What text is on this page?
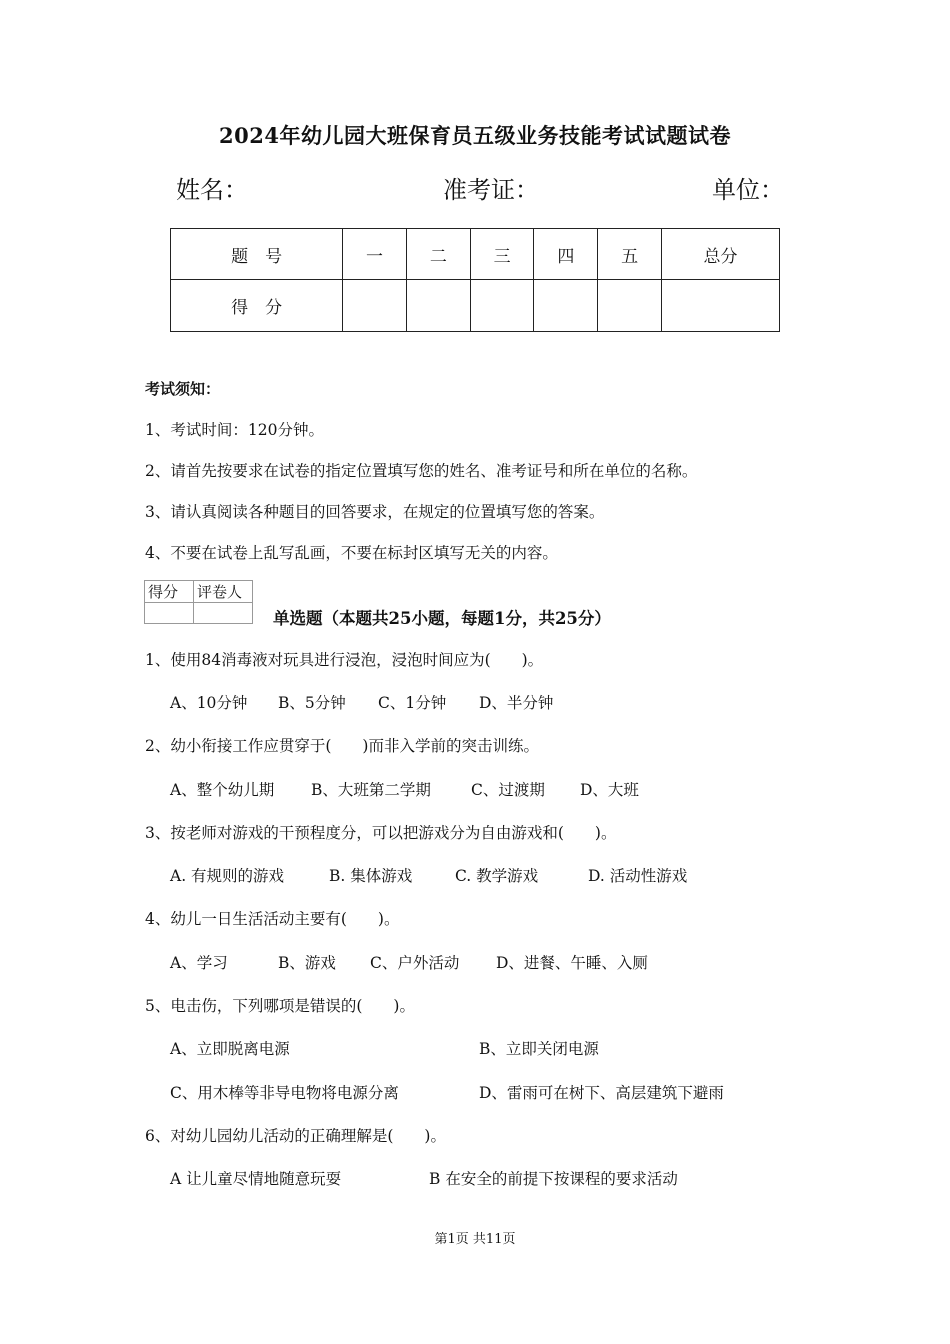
2024年幼儿园大班保育员五级业务技能考试试题试卷
姓名：	准考证：	单位：
题　号	一	二	三	四	五	总分
得　分						
考试须知：
1、考试时间：120分钟。
2、请首先按要求在试卷的指定位置填写您的姓名、准考证号和所在单位的名称。
3、请认真阅读各种题目的回答要求，在规定的位置填写您的答案。
4、不要在试卷上乱写乱画，不要在标封区填写无关的内容。
得分	评卷人

单选题（本题共25小题，每题1分，共25分）
1、使用84消毒液对玩具进行浸泡，浸泡时间应为(　　)。
A、10分钟 B、5分钟 C、1分钟 D、半分钟
2、幼小衔接工作应贯穿于(　　)而非入学前的突击训练。
A、整个幼儿期 B、大班第二学期	C、过渡期 D、大班
3、按老师对游戏的干预程度分，可以把游戏分为自由游戏和(　　)。
A. 有规则的游戏	B. 集体游戏	C. 教学游戏	D. 活动性游戏
4、幼儿一日生活活动主要有(　　)。
A、学习	B、游戏 C、户外活动 D、进餐、午睡、入厕
5、电击伤，下列哪项是错误的(　　)。
A、立即脱离电源	B、立即关闭电源
C、用木棒等非导电物将电源分离	D、雷雨可在树下、高层建筑下避雨
6、对幼儿园幼儿活动的正确理解是(　　)。
A 让儿童尽情地随意玩耍	B 在安全的前提下按课程的要求活动
第1页 共11页
